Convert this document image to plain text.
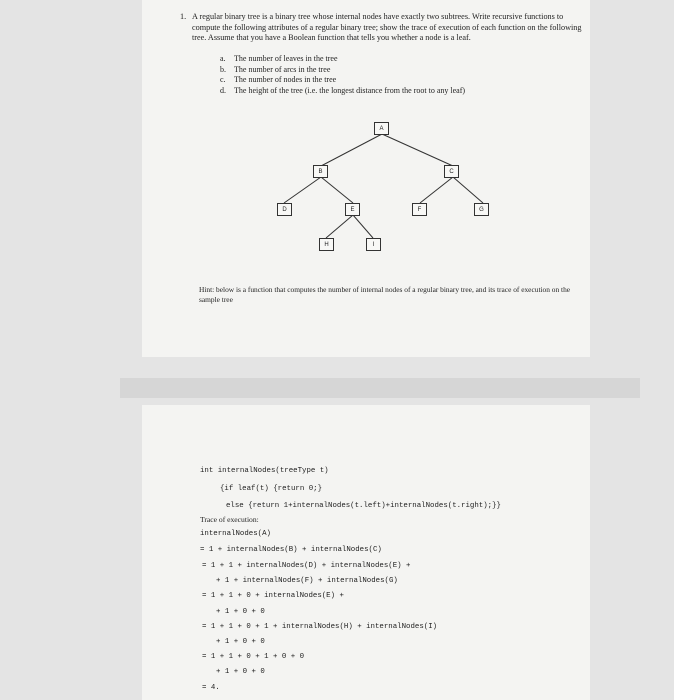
1. A regular binary tree is a binary tree whose internal nodes have exactly two subtrees. Write recursive functions to compute the following attributes of a regular binary tree; show the trace of execution of each function on the following tree. Assume that you have a Boolean function that tells you whether a node is a leaf.
a. The number of leaves in the tree
b. The number of arcs in the tree
c. The number of nodes in the tree
d. The height of the tree (i.e. the longest distance from the root to any leaf)
A
B	C
D	E	F	G
H	I
Hint: below is a function that computes the number of internal nodes of a regular binary tree, and its trace of execution on the sample tree
int internalNodes(treeType t)
{if leaf(t) {return 0;}
else {return 1+internalNodes(t.left)+internalNodes(t.right);}}
Trace of execution:
internalNodes(A)
= 1 + internalNodes(B) + internalNodes(C)
= 1 + 1 + internalNodes(D) + internalNodes(E) +
+ 1 + internalNodes(F) + internalNodes(G)
= 1 + 1 + 0 + internalNodes(E) +
+ 1 + 0 + 0
= 1 + 1 + 0 + 1 + internalNodes(H) + internalNodes(I)
+ 1 + 0 + 0
= 1 + 1 + 0 + 1 + 0 + 0
+ 1 + 0 + 0
= 4.
